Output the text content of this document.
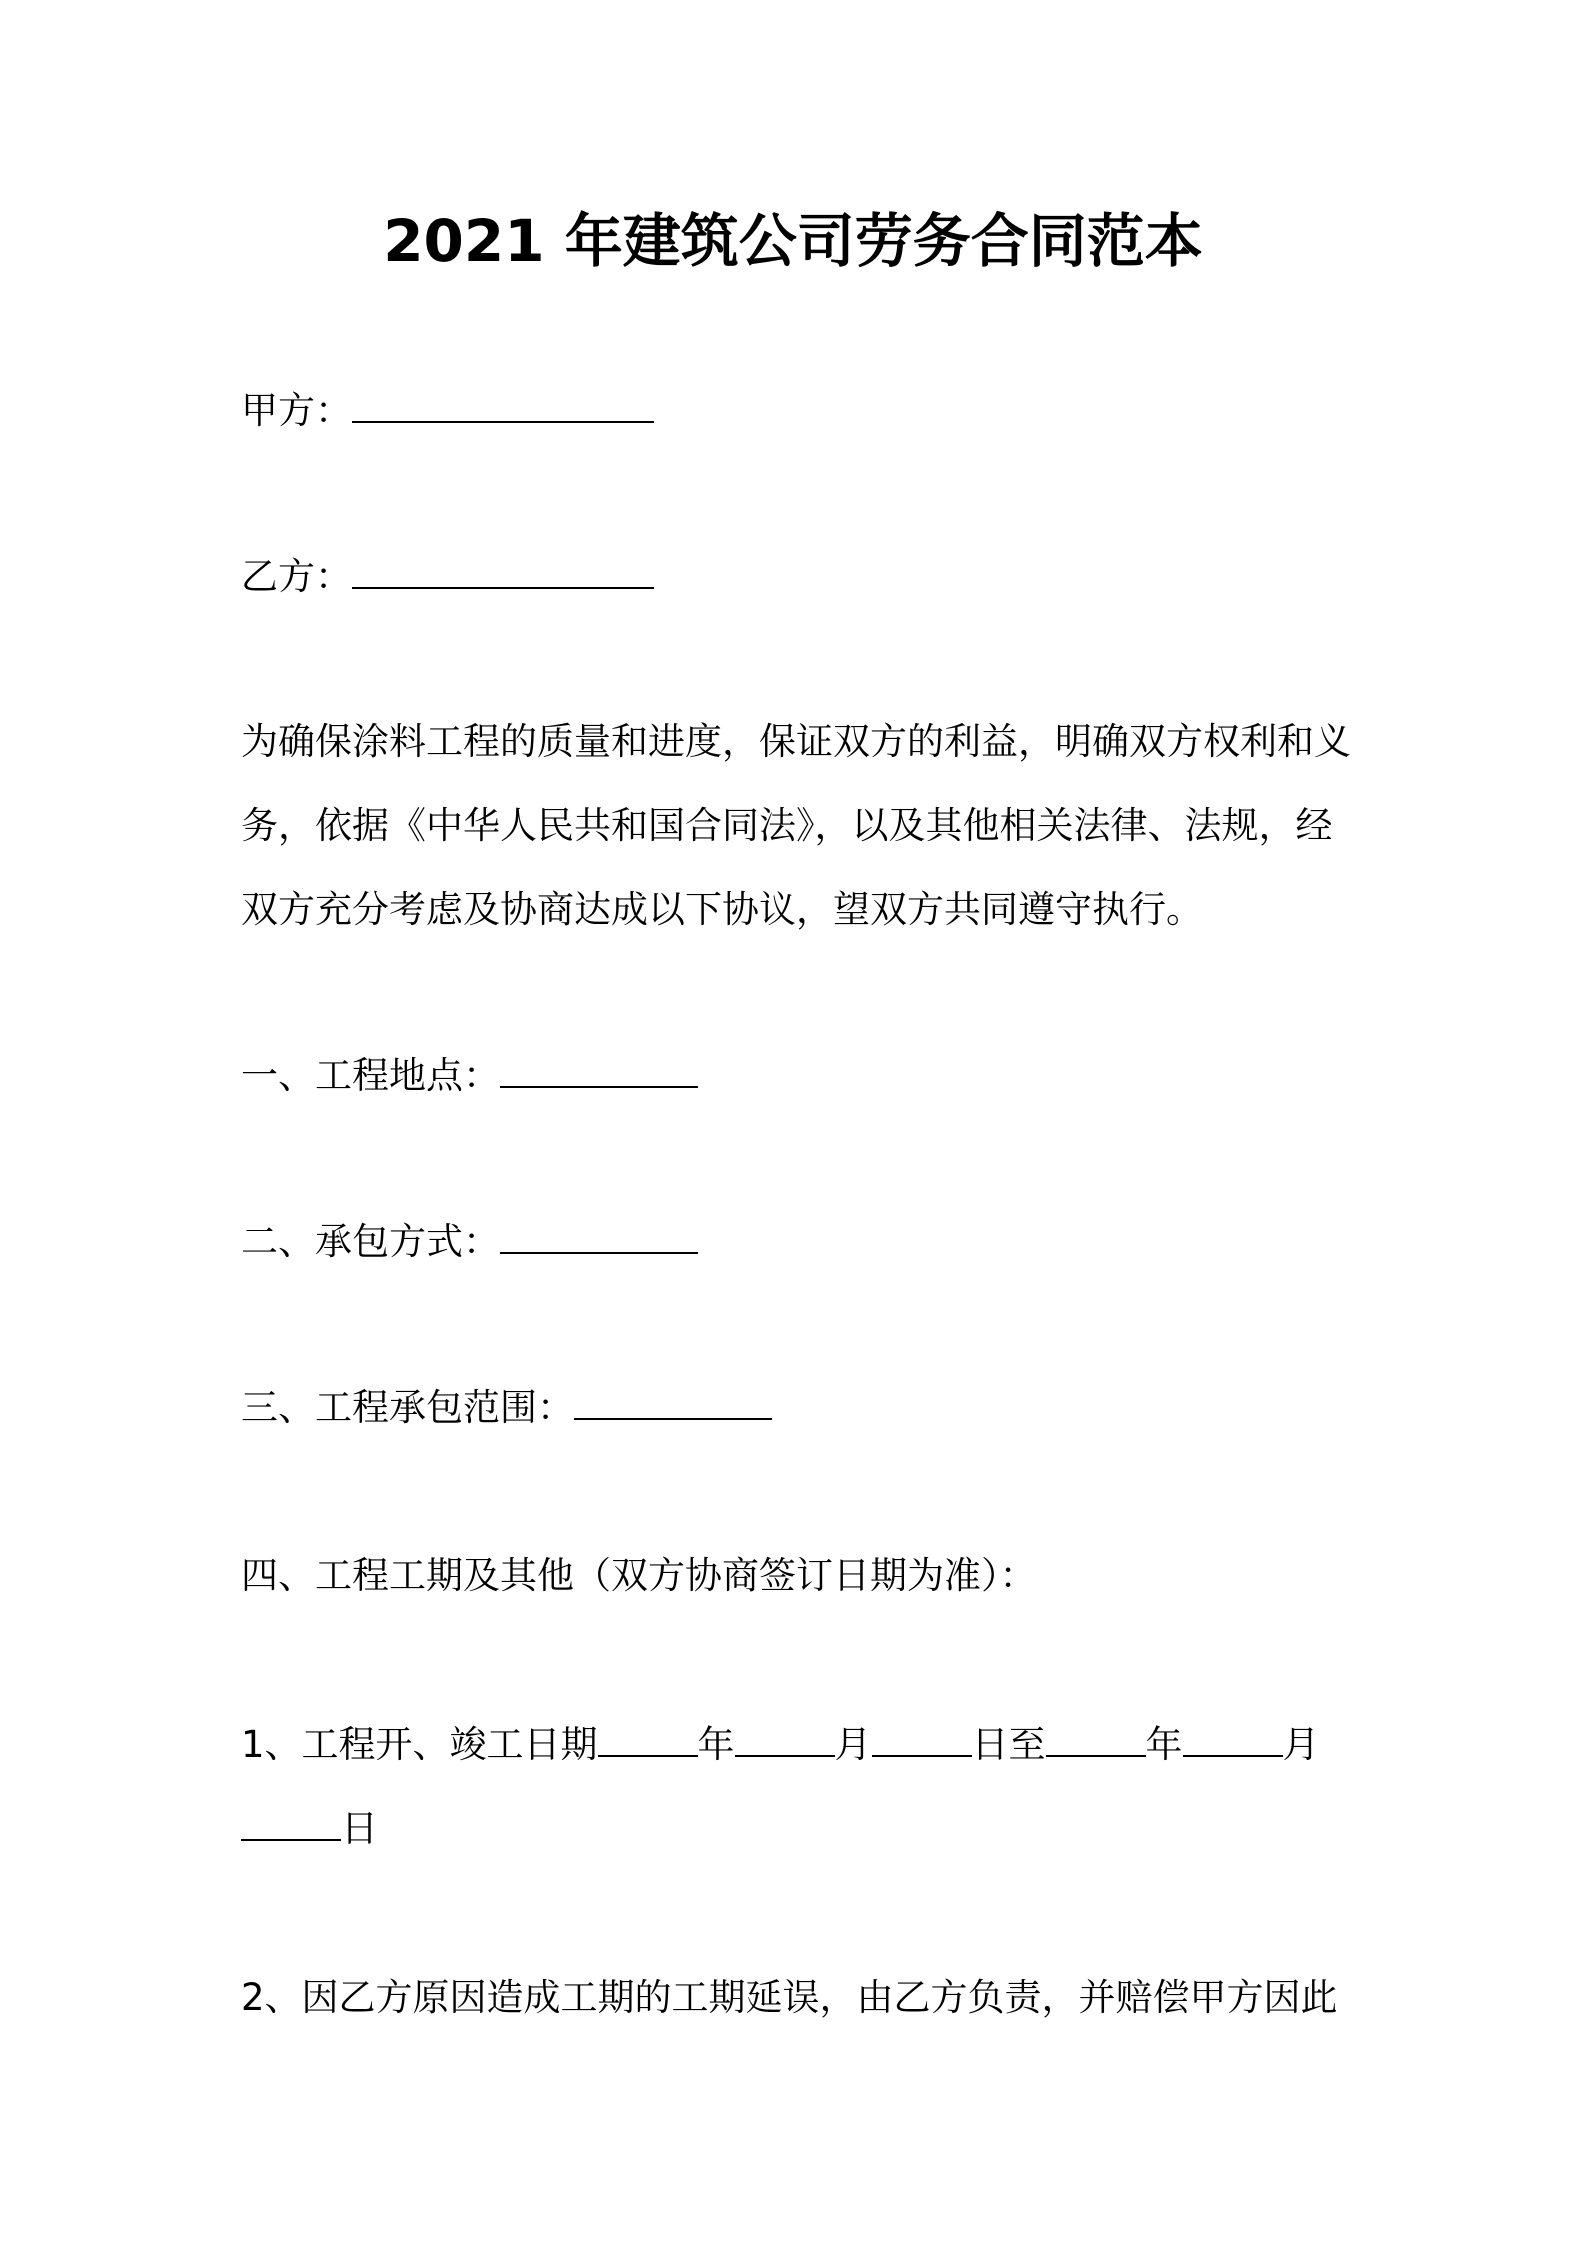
2021 年建筑公司劳务合同范本
甲方：
乙方：
为确保涂料工程的质量和进度，保证双方的利益，明确双方权利和义
务，依据《中华人民共和国合同法》，以及其他相关法律、法规，经
双方充分考虑及协商达成以下协议，望双方共同遵守执行。
一、工程地点：
二、承包方式：
三、工程承包范围：
四、工程工期及其他（双方协商签订日期为准）：
1、工程开、竣工日期	年	月	日至	年	月
日
2、因乙方原因造成工期的工期延误，由乙方负责，并赔偿甲方因此
